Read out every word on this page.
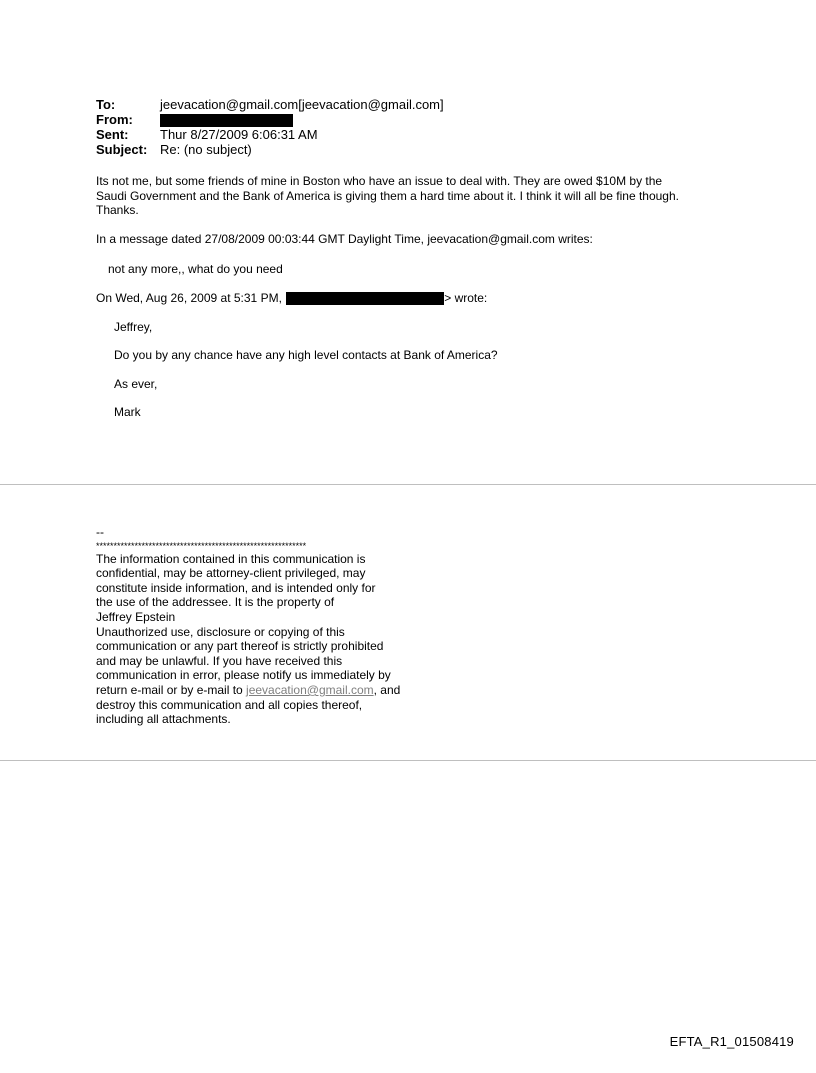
To:	jeevacation@gmail.com[jeevacation@gmail.com]
From:
Sent: Thur 8/27/2009 6:06:31 AM
Subject: Re: (no subject)
Its not me, but some friends of mine in Boston who have an issue to deal with. They are owed $10M by the
Saudi Government and the Bank of America is giving them a hard time about it. I think it will all be fine though.
Thanks.
In a message dated 27/08/2009 00:03:44 GMT Daylight Time, jeevacation@gmail.com writes:
not any more,, what do you need
On Wed, Aug 26, 2009 at 5:31 PM,	> wrote:
Jeffrey,
Do you by any chance have any high level contacts at Bank of America?
As ever,
Mark
--
************************************************************
The information contained in this communication is
confidential, may be attorney-client privileged, may
constitute inside information, and is intended only for
the use of the addressee. It is the property of
Jeffrey Epstein
Unauthorized use, disclosure or copying of this
communication or any part thereof is strictly prohibited
and may be unlawful. If you have received this
communication in error, please notify us immediately by
return e-mail or by e-mail to jeevacation@gmail.com, and
destroy this communication and all copies thereof,
including all attachments.
EFTA_R1_01508419
